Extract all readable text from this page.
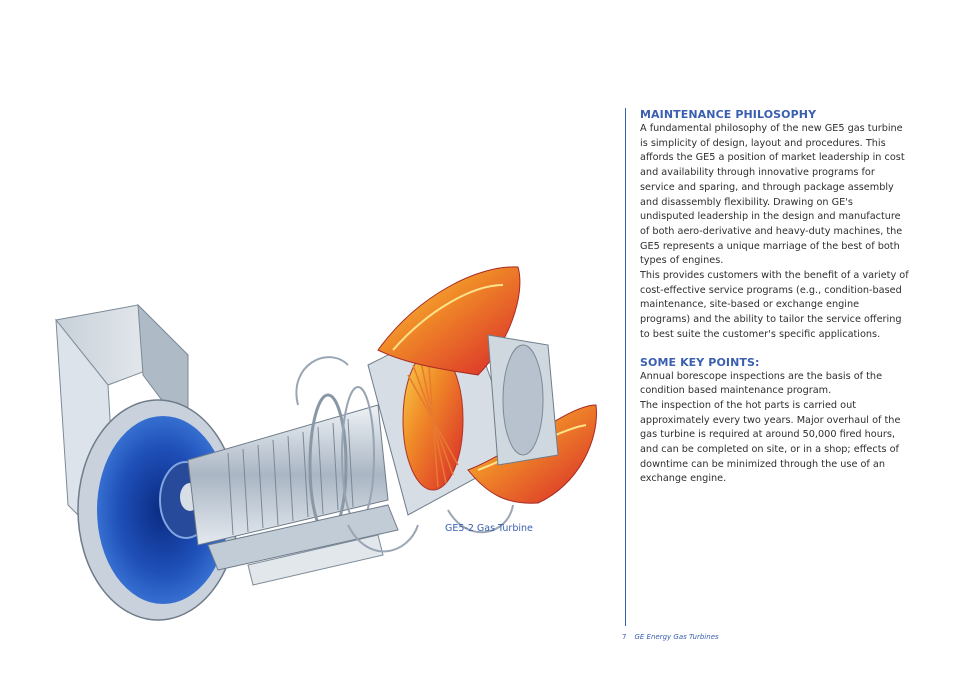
MAINTENANCE PHILOSOPHY

A fundamental philosophy of the new GE5 gas turbine is simplicity of design, layout and procedures. This affords the GE5 a position of market leadership in cost and availability through innovative programs for service and sparing, and through package assembly and disassembly flexibility. Drawing on GE's undisputed leadership in the design and manufacture of both aero-derivative and heavy-duty machines, the GE5 represents a unique marriage of the best of both types of engines.

This provides customers with the benefit of a variety of cost-effective service programs (e.g., condition-based maintenance, site-based or exchange engine programs) and the ability to tailor the service offering to best suite the customer's specific applications.

SOME KEY POINTS:

Annual borescope inspections are the basis of the condition based maintenance program.

The inspection of the hot parts is carried out approximately every two years. Major overhaul of the gas turbine is required at around 50,000 fired hours, and can be completed on site, or in a shop; effects of downtime can be minimized through the use of an exchange engine.

GE5-2 Gas Turbine
7 GE Energy Gas Turbines
